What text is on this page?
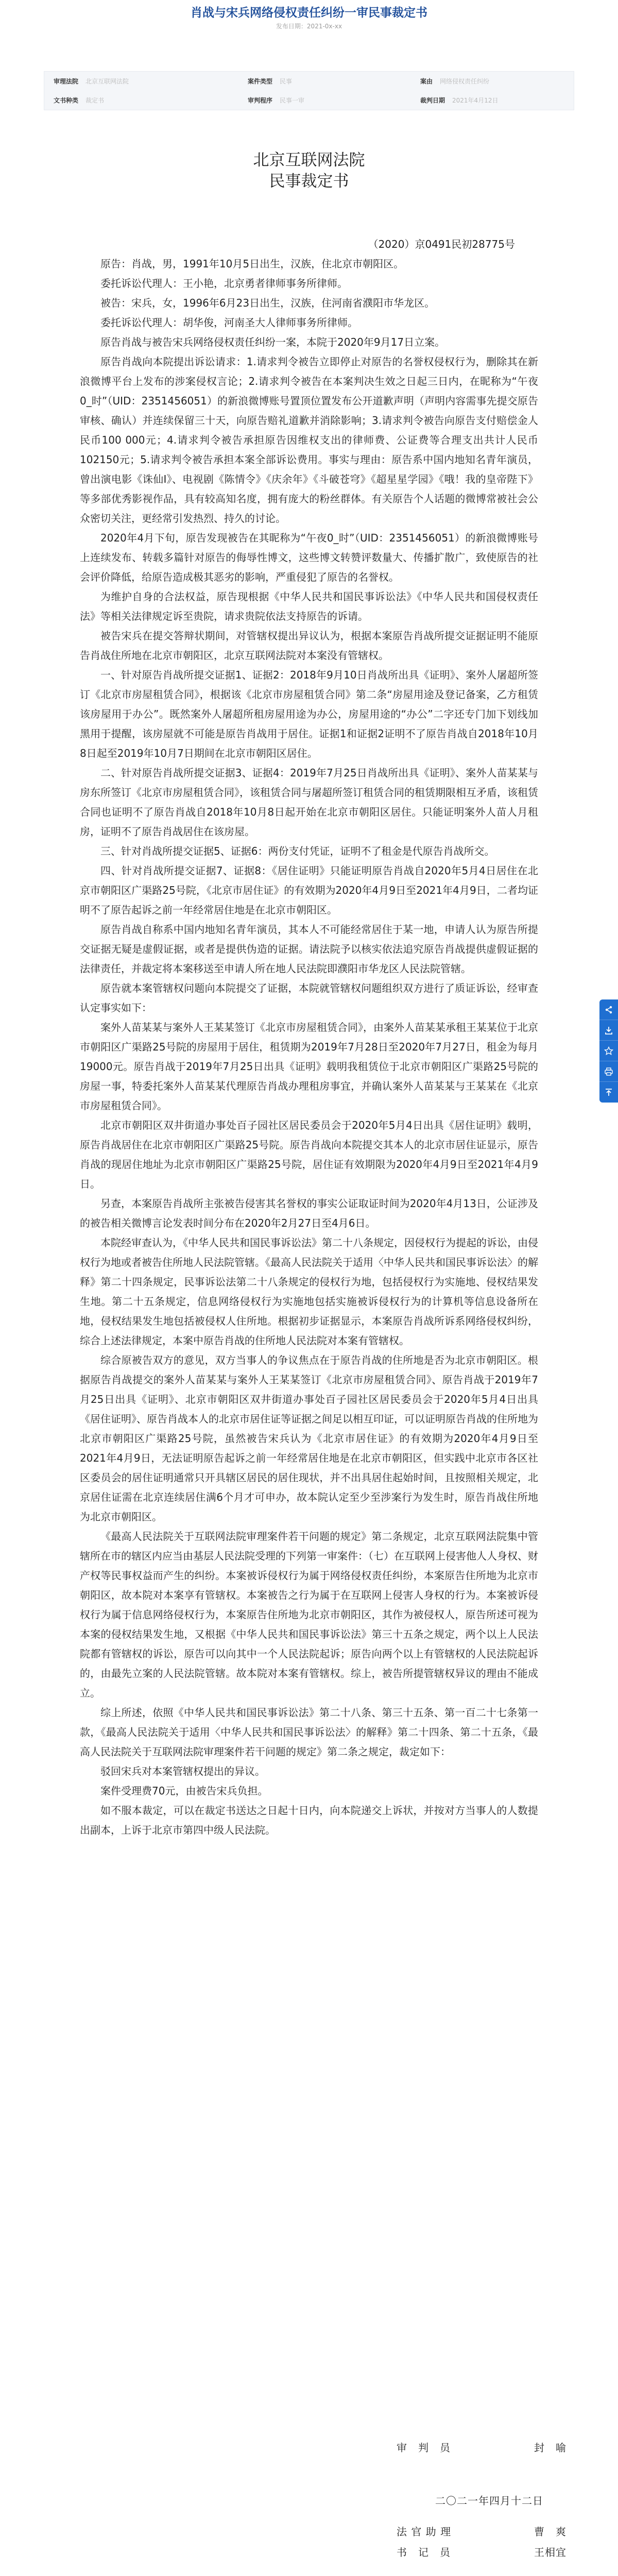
肖战与宋兵网络侵权责任纠纷一审民事裁定书
发布日期：2021-0x-xx
审理法院 北京互联网法院	案件类型 民事	案由 网络侵权责任纠纷
文书种类 裁定书	审判程序 民事一审	裁判日期 2021年4月12日
北京互联网法院
民事裁定书
（2020）京0491民初28775号

原告：肖战，男，1991年10月5日出生，汉族，住北京市朝阳区。

委托诉讼代理人：王小艳，北京勇者律师事务所律师。

被告：宋兵，女，1996年6月23日出生，汉族，住河南省濮阳市华龙区。

委托诉讼代理人：胡华俊，河南圣大人律师事务所律师。

原告肖战与被告宋兵网络侵权责任纠纷一案，本院于2020年9月17日立案。

原告肖战向本院提出诉讼请求：1.请求判令被告立即停止对原告的名誉权侵权行为，删除其在新浪微博平台上发布的涉案侵权言论；2.请求判令被告在本案判决生效之日起三日内，在昵称为“午夜0_时”（UID：2351456051）的新浪微博账号置顶位置发布公开道歉声明（声明内容需事先提交原告审核、确认）并连续保留三十天，向原告赔礼道歉并消除影响；3.请求判令被告向原告支付赔偿金人民币100 000元；4.请求判令被告承担原告因维权支出的律师费、公证费等合理支出共计人民币102150元；5.请求判令被告承担本案全部诉讼费用。事实与理由：原告系中国内地知名青年演员，曾出演电影《诛仙Ⅰ》、电视剧《陈情令》《庆余年》《斗破苍穹》《超星星学园》《哦！我的皇帝陛下》等多部优秀影视作品，具有较高知名度，拥有庞大的粉丝群体。有关原告个人话题的微博常被社会公众密切关注，更经常引发热烈、持久的讨论。

2020年4月下旬，原告发现被告在其昵称为“午夜0_时”（UID：2351456051）的新浪微博账号上连续发布、转载多篇针对原告的侮辱性博文，这些博文转赞评数量大、传播扩散广，致使原告的社会评价降低，给原告造成极其恶劣的影响，严重侵犯了原告的名誉权。

为维护自身的合法权益，原告现根据《中华人民共和国民事诉讼法》《中华人民共和国侵权责任法》等相关法律规定诉至贵院，请求贵院依法支持原告的诉请。

被告宋兵在提交答辩状期间，对管辖权提出异议认为，根据本案原告肖战所提交证据证明不能原告肖战住所地在北京市朝阳区，北京互联网法院对本案没有管辖权。

一、针对原告肖战所提交证据1、证据2：2018年9月10日肖战所出具《证明》、案外人屠超所签订《北京市房屋租赁合同》，根据该《北京市房屋租赁合同》第二条“房屋用途及登记备案，乙方租赁该房屋用于办公”。既然案外人屠超所租房屋用途为办公，房屋用途的“办公”二字还专门加下划线加黑用于提醒，该房屋就不可能是原告肖战用于居住。证据1和证据2证明不了原告肖战自2018年10月8日起至2019年10月7日期间在北京市朝阳区居住。

二、针对原告肖战所提交证据3、证据4：2019年7月25日肖战所出具《证明》、案外人苗某某与房东所签订《北京市房屋租赁合同》，该租赁合同与屠超所签订租赁合同的租赁期限相互矛盾，该租赁合同也证明不了原告肖战自2018年10月8日起开始在北京市朝阳区居住。只能证明案外人苗人月租房，证明不了原告肖战居住在该房屋。

三、针对肖战所提交证据5、证据6：两份支付凭证，证明不了租金是代原告肖战所交。

四、针对肖战所提交证据7、证据8：《居住证明》只能证明原告肖战自2020年5月4日居住在北京市朝阳区广渠路25号院，《北京市居住证》的有效期为2020年4月9日至2021年4月9日，二者均证明不了原告起诉之前一年经常居住地是在北京市朝阳区。

原告肖战自称系中国内地知名青年演员，其本人不可能经常居住于某一地，申请人认为原告所提交证据无疑是虚假证据，或者是提供伪造的证据。请法院予以核实依法追究原告肖战提供虚假证据的法律责任，并裁定将本案移送至申请人所在地人民法院即濮阳市华龙区人民法院管辖。

原告就本案管辖权问题向本院提交了证据，本院就管辖权问题组织双方进行了质证诉讼，经审查认定事实如下：

案外人苗某某与案外人王某某签订《北京市房屋租赁合同》，由案外人苗某某承租王某某位于北京市朝阳区广渠路25号院的房屋用于居住，租赁期为2019年7月28日至2020年7月27日，租金为每月19000元。原告肖战于2019年7月25日出具《证明》载明我租赁位于北京市朝阳区广渠路25号院的房屋一事，特委托案外人苗某某代理原告肖战办理租房事宜，并确认案外人苗某某与王某某在《北京市房屋租赁合同》。

北京市朝阳区双井街道办事处百子园社区居民委员会于2020年5月4日出具《居住证明》载明，原告肖战居住在北京市朝阳区广渠路25号院。原告肖战向本院提交其本人的北京市居住证显示，原告肖战的现居住地址为北京市朝阳区广渠路25号院，居住证有效期限为2020年4月9日至2021年4月9日。

另查，本案原告肖战所主张被告侵害其名誉权的事实公证取证时间为2020年4月13日，公证涉及的被告相关微博言论发表时间分布在2020年2月27日至4月6日。

本院经审查认为，《中华人民共和国民事诉讼法》第二十八条规定，因侵权行为提起的诉讼，由侵权行为地或者被告住所地人民法院管辖。《最高人民法院关于适用〈中华人民共和国民事诉讼法〉的解释》第二十四条规定，民事诉讼法第二十八条规定的侵权行为地，包括侵权行为实施地、侵权结果发生地。第二十五条规定，信息网络侵权行为实施地包括实施被诉侵权行为的计算机等信息设备所在地，侵权结果发生地包括被侵权人住所地。根据初步证据显示，本案原告肖战所诉系网络侵权纠纷，综合上述法律规定，本案中原告肖战的住所地人民法院对本案有管辖权。

综合原被告双方的意见，双方当事人的争议焦点在于原告肖战的住所地是否为北京市朝阳区。根据原告肖战提交的案外人苗某某与案外人王某某签订《北京市房屋租赁合同》、原告肖战于2019年7月25日出具《证明》、北京市朝阳区双井街道办事处百子园社区居民委员会于2020年5月4日出具《居住证明》、原告肖战本人的北京市居住证等证据之间足以相互印证，可以证明原告肖战的住所地为北京市朝阳区广渠路25号院，虽然被告宋兵认为《北京市居住证》的有效期为2020年4月9日至2021年4月9日，无法证明原告起诉之前一年经常居住地是在北京市朝阳区，但实践中北京市各区社区委员会的居住证明通常只开具辖区居民的居住现状，并不出具居住起始时间，且按照相关规定，北京居住证需在北京连续居住满6个月才可申办，故本院认定至少至涉案行为发生时，原告肖战住所地为北京市朝阳区。

《最高人民法院关于互联网法院审理案件若干问题的规定》第二条规定，北京互联网法院集中管辖所在市的辖区内应当由基层人民法院受理的下列第一审案件：（七）在互联网上侵害他人人身权、财产权等民事权益而产生的纠纷。本案被诉侵权行为属于网络侵权责任纠纷，本案原告住所地为北京市朝阳区，故本院对本案享有管辖权。本案被告之行为属于在互联网上侵害人身权的行为。本案被诉侵权行为属于信息网络侵权行为，本案原告住所地为北京市朝阳区，其作为被侵权人，原告所述可视为本案的侵权结果发生地，又根据《中华人民共和国民事诉讼法》第三十五条之规定，两个以上人民法院都有管辖权的诉讼，原告可以向其中一个人民法院起诉；原告向两个以上有管辖权的人民法院起诉的，由最先立案的人民法院管辖。故本院对本案有管辖权。综上，被告所提管辖权异议的理由不能成立。

综上所述，依照《中华人民共和国民事诉讼法》第二十八条、第三十五条、第一百二十七条第一款，《最高人民法院关于适用〈中华人民共和国民事诉讼法〉的解释》第二十四条、第二十五条，《最高人民法院关于互联网法院审理案件若干问题的规定》第二条之规定，裁定如下：

驳回宋兵对本案管辖权提出的异议。

案件受理费70元，由被告宋兵负担。

如不服本裁定，可以在裁定书送达之日起十日内，向本院递交上诉状，并按对方当事人的人数提出副本，上诉于北京市第四中级人民法院。

审　判　员	封　喻
二〇二一年四月十二日
法 官 助 理	曹　爽
书　记　员	王相宜
